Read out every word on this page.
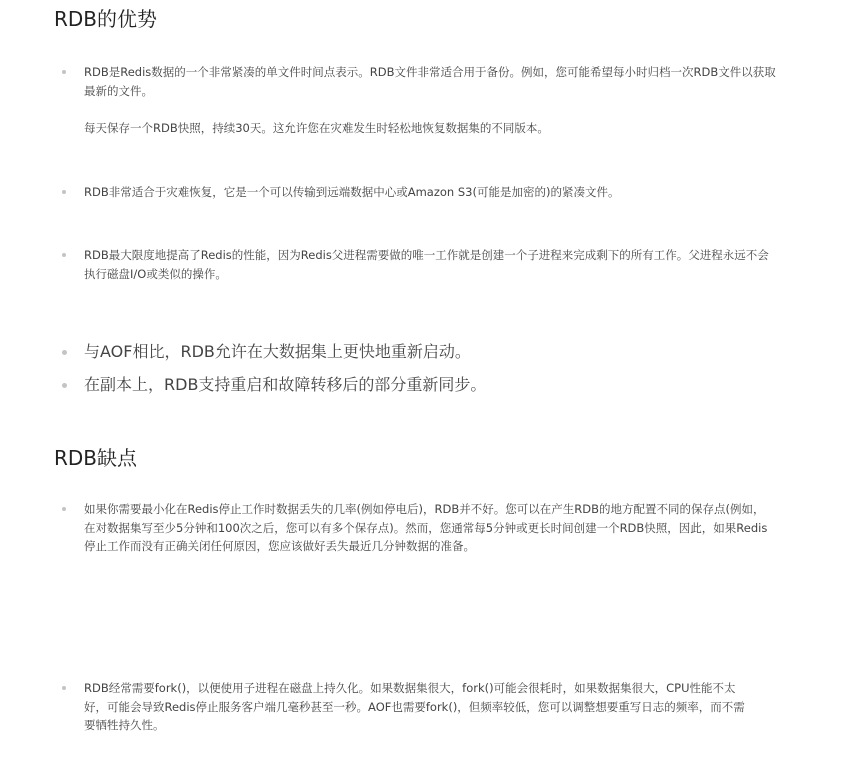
RDB的优势
RDB是Redis数据的一个非常紧凑的单文件时间点表示。RDB文件非常适合用于备份。例如，您可能希望每小时归档一次RDB文件以获取
最新的文件。
每天保存一个RDB快照，持续30天。这允许您在灾难发生时轻松地恢复数据集的不同版本。
RDB非常适合于灾难恢复，它是一个可以传输到远端数据中心或Amazon S3(可能是加密的)的紧凑文件。
RDB最大限度地提高了Redis的性能，因为Redis父进程需要做的唯一工作就是创建一个子进程来完成剩下的所有工作。父进程永远不会
执行磁盘I/O或类似的操作。
与AOF相比，RDB允许在大数据集上更快地重新启动。
在副本上，RDB支持重启和故障转移后的部分重新同步。
RDB缺点
如果你需要最小化在Redis停止工作时数据丢失的几率(例如停电后)，RDB并不好。您可以在产生RDB的地方配置不同的保存点(例如，
在对数据集写至少5分钟和100次之后，您可以有多个保存点)。然而，您通常每5分钟或更长时间创建一个RDB快照，因此，如果Redis
停止工作而没有正确关闭任何原因，您应该做好丢失最近几分钟数据的准备。
RDB经常需要fork()，以便使用子进程在磁盘上持久化。如果数据集很大，fork()可能会很耗时，如果数据集很大，CPU性能不太
好，可能会导致Redis停止服务客户端几毫秒甚至一秒。AOF也需要fork()，但频率较低，您可以调整想要重写日志的频率，而不需
要牺牲持久性。
